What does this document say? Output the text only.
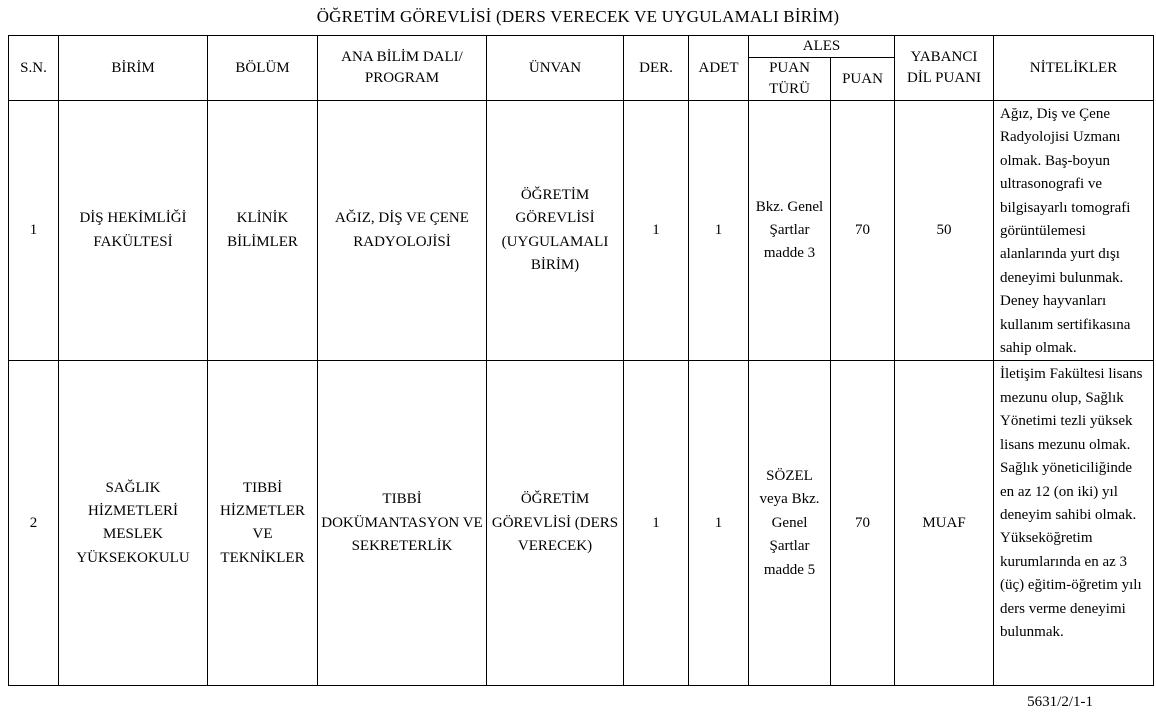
ÖĞRETİM GÖREVLİSİ (DERS VERECEK VE UYGULAMALI BİRİM)
S.N.	BİRİM	BÖLÜM	ANA BİLİM DALI/ PROGRAM	ÜNVAN	DER.	ADET	ALES		YABANCI DİL PUANI	NİTELİKLER
							PUAN TÜRÜ	PUAN		
1	DİŞ HEKİMLİĞİ FAKÜLTESİ	KLİNİK BİLİMLER	AĞIZ, DİŞ VE ÇENE RADYOLOJİSİ	ÖĞRETİM GÖREVLİSİ (UYGULAMALI BİRİM)	1	1	Bkz. Genel Şartlar madde 3	70	50	Ağız, Diş ve Çene Radyolojisi Uzmanı olmak. Baş-boyun ultrasonografi ve bilgisayarlı tomografi görüntülemesi alanlarında yurt dışı deneyimi bulunmak. Deney hayvanları kullanım sertifikasına sahip olmak.
2	SAĞLIK HİZMETLERİ MESLEK YÜKSEKOKULU	TIBBİ HİZMETLER VE TEKNİKLER	TIBBİ DOKÜMANTASYON VE SEKRETERLİK	ÖĞRETİM GÖREVLİSİ (DERS VERECEK)	1	1	SÖZEL veya Bkz. Genel Şartlar madde 5	70	MUAF	İletişim Fakültesi lisans mezunu olup, Sağlık Yönetimi tezli yüksek lisans mezunu olmak. Sağlık yöneticiliğinde en az 12 (on iki) yıl deneyim sahibi olmak. Yükseköğretim kurumlarında en az 3 (üç) eğitim-öğretim yılı ders verme deneyimi bulunmak.
5631/2/1-1
